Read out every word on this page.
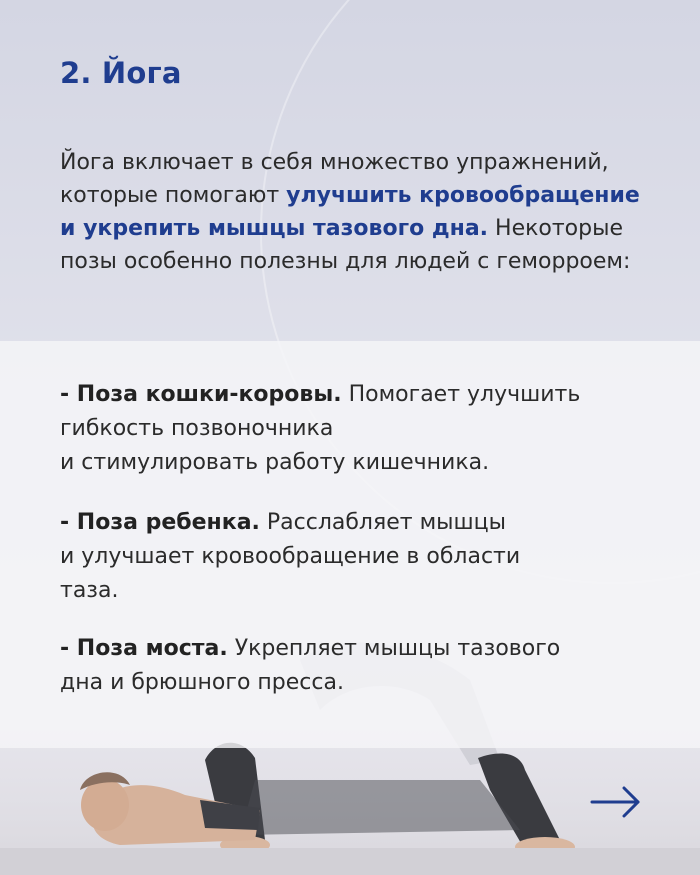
2. Йога

Йога включает в себя множество упражнений, которые помогают улучшить кровообращение и укрепить мышцы тазового дна. Некоторые позы особенно полезны для людей с геморроем:

- Поза кошки-коровы. Помогает улучшить
гибкость позвоночника
и стимулировать работу кишечника.

- Поза ребенка. Расслабляет мышцы
и улучшает кровообращение в области
таза.

- Поза моста. Укрепляет мышцы тазового
дна и брюшного пресса.
